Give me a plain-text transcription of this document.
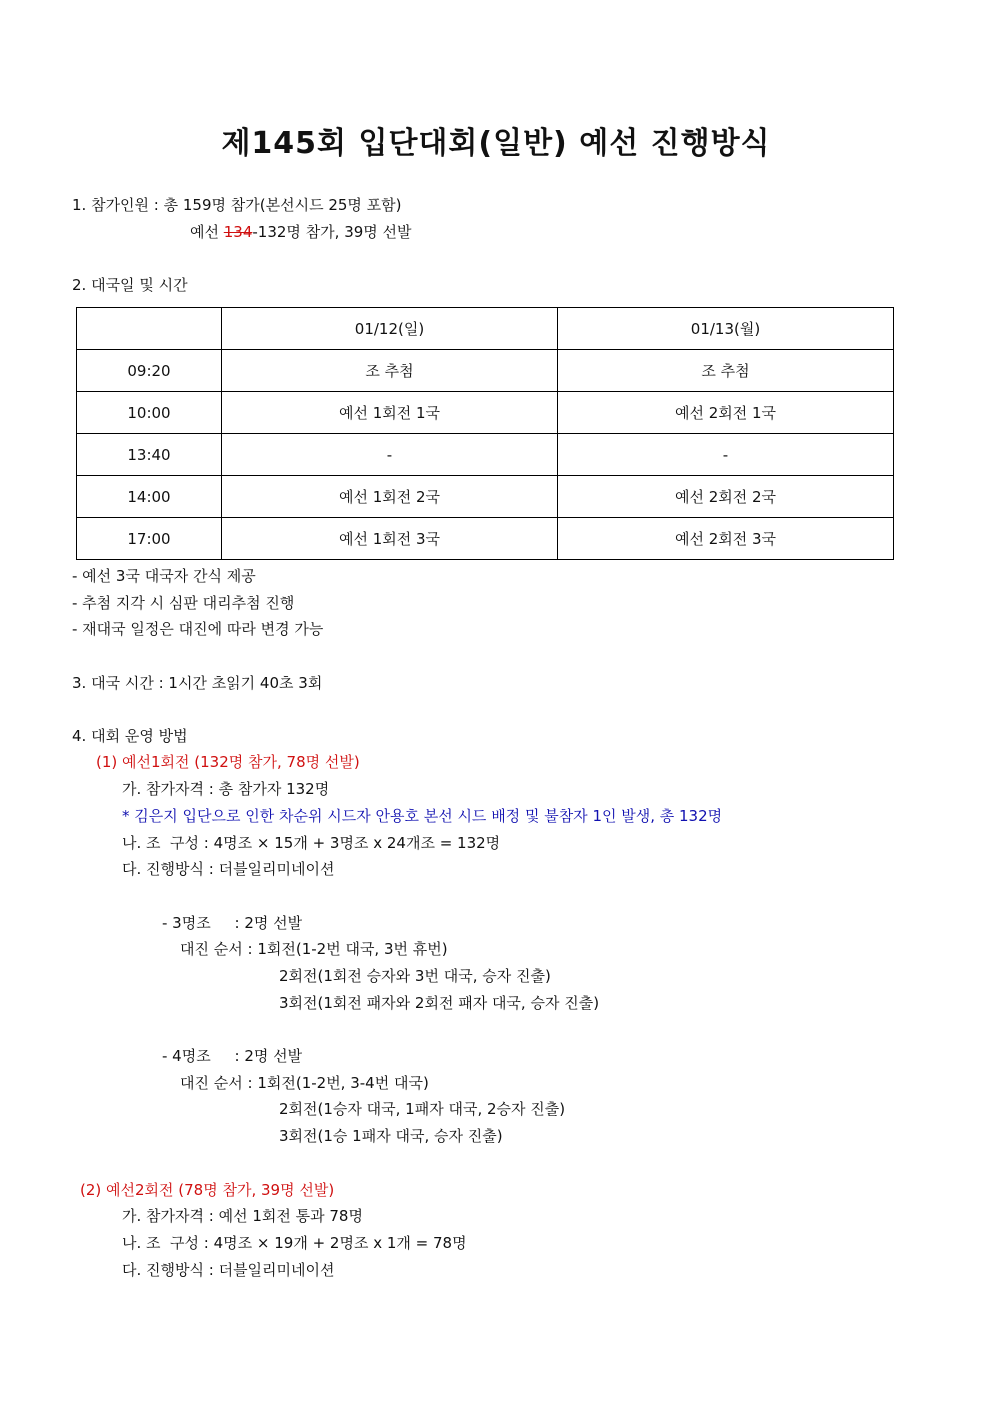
제145회 입단대회(일반) 예선 진행방식
1. 참가인원 : 총 159명 참가(본선시드 25명 포함)
예선 134-132명 참가, 39명 선발
2. 대국일 및 시간
	01/12(일)	01/13(월)
09:20	조 추첨	조 추첨
10:00	예선 1회전 1국	예선 2회전 1국
13:40	-	-
14:00	예선 1회전 2국	예선 2회전 2국
17:00	예선 1회전 3국	예선 2회전 3국
- 예선 3국 대국자 간식 제공
- 추첨 지각 시 심판 대리추첨 진행
- 재대국 일정은 대진에 따라 변경 가능
3. 대국 시간 : 1시간 초읽기 40초 3회
4. 대회 운영 방법
(1) 예선1회전 (132명 참가, 78명 선발)
가. 참가자격 : 총 참가자 132명
* 김은지 입단으로 인한 차순위 시드자 안용호 본선 시드 배정 및 불참자 1인 발생, 총 132명
나. 조  구성 : 4명조 × 15개 + 3명조 x 24개조 = 132명
다. 진행방식 : 더블일리미네이션
- 3명조     : 2명 선발
대진 순서 : 1회전(1-2번 대국, 3번 휴번)
2회전(1회전 승자와 3번 대국, 승자 진출)
3회전(1회전 패자와 2회전 패자 대국, 승자 진출)
- 4명조     : 2명 선발
대진 순서 : 1회전(1-2번, 3-4번 대국)
2회전(1승자 대국, 1패자 대국, 2승자 진출)
3회전(1승 1패자 대국, 승자 진출)
(2) 예선2회전 (78명 참가, 39명 선발)
가. 참가자격 : 예선 1회전 통과 78명
나. 조  구성 : 4명조 × 19개 + 2명조 x 1개 = 78명
다. 진행방식 : 더블일리미네이션
